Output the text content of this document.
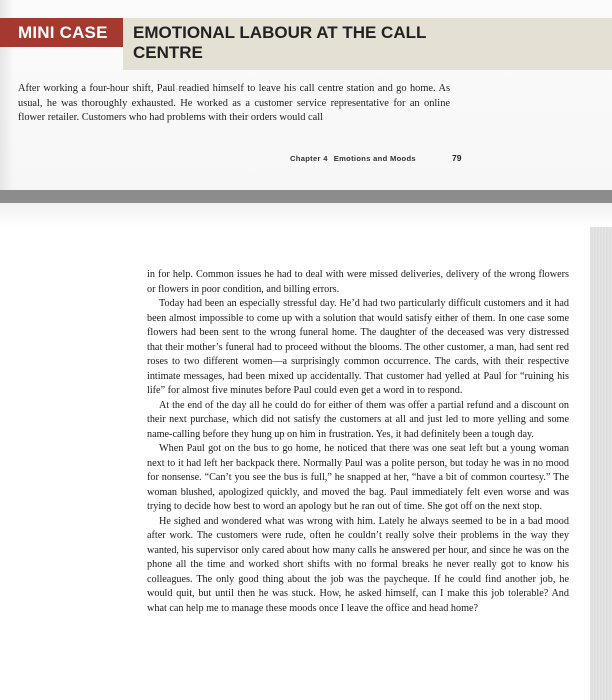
MINI CASE	EMOTIONAL LABOUR AT THE CALL CENTRE
After working a four-hour shift, Paul readied himself to leave his call centre station and go home. As usual, he was thoroughly exhausted. He worked as a customer service representative for an online flower retailer. Customers who had problems with their orders would call
Chapter 4 Emotions and Moods	79

in for help. Common issues he had to deal with were missed deliveries, delivery of the wrong flowers or flowers in poor condition, and billing errors.

Today had been an especially stressful day. He’d had two particularly difficult customers and it had been almost impossible to come up with a solution that would satisfy either of them. In one case some flowers had been sent to the wrong funeral home. The daughter of the deceased was very distressed that their mother’s funeral had to proceed without the blooms. The other customer, a man, had sent red roses to two different women—a surprisingly common occurrence. The cards, with their respective intimate messages, had been mixed up accidentally. That customer had yelled at Paul for “ruining his life” for almost five minutes before Paul could even get a word in to respond.

At the end of the day all he could do for either of them was offer a partial refund and a discount on their next purchase, which did not satisfy the customers at all and just led to more yelling and some name-calling before they hung up on him in frustration. Yes, it had definitely been a tough day.

When Paul got on the bus to go home, he noticed that there was one seat left but a young woman next to it had left her backpack there. Normally Paul was a polite person, but today he was in no mood for nonsense. “Can’t you see the bus is full,” he snapped at her, “have a bit of common courtesy.” The woman blushed, apologized quickly, and moved the bag. Paul immediately felt even worse and was trying to decide how best to word an apology but he ran out of time. She got off on the next stop.

He sighed and wondered what was wrong with him. Lately he always seemed to be in a bad mood after work. The customers were rude, often he couldn’t really solve their problems in the way they wanted, his supervisor only cared about how many calls he answered per hour, and since he was on the phone all the time and worked short shifts with no formal breaks he never really got to know his colleagues. The only good thing about the job was the paycheque. If he could find another job, he would quit, but until then he was stuck. How, he asked himself, can I make this job tolerable? And what can help me to manage these moods once I leave the office and head home?
